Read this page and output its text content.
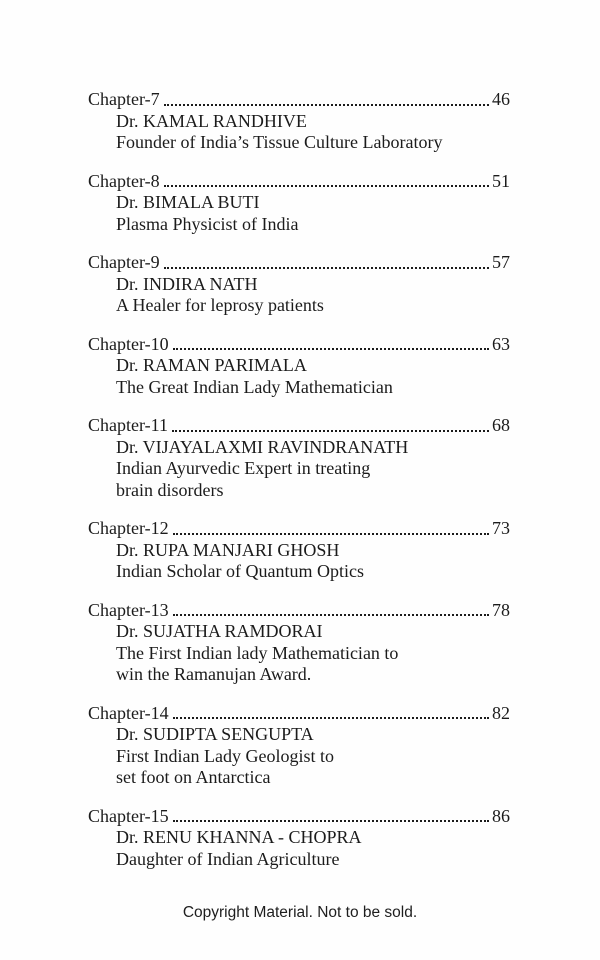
Chapter-7	46
Dr. KAMAL RANDHIVE
Founder of India’s Tissue Culture Laboratory
Chapter-8	51
Dr. BIMALA BUTI
Plasma Physicist of India
Chapter-9	57
Dr. INDIRA NATH
A Healer for leprosy patients
Chapter-10	63
Dr. RAMAN PARIMALA
The Great Indian Lady Mathematician
Chapter-11	68
Dr. VIJAYALAXMI RAVINDRANATH
Indian Ayurvedic Expert in treating
brain disorders
Chapter-12	73
Dr. RUPA MANJARI GHOSH
Indian Scholar of Quantum Optics
Chapter-13	78
Dr. SUJATHA RAMDORAI
The First Indian lady Mathematician to
win the Ramanujan Award.
Chapter-14	82
Dr. SUDIPTA SENGUPTA
First Indian Lady Geologist to
set foot on Antarctica
Chapter-15	86
Dr. RENU KHANNA - CHOPRA
Daughter of Indian Agriculture
Copyright Material. Not to be sold.
